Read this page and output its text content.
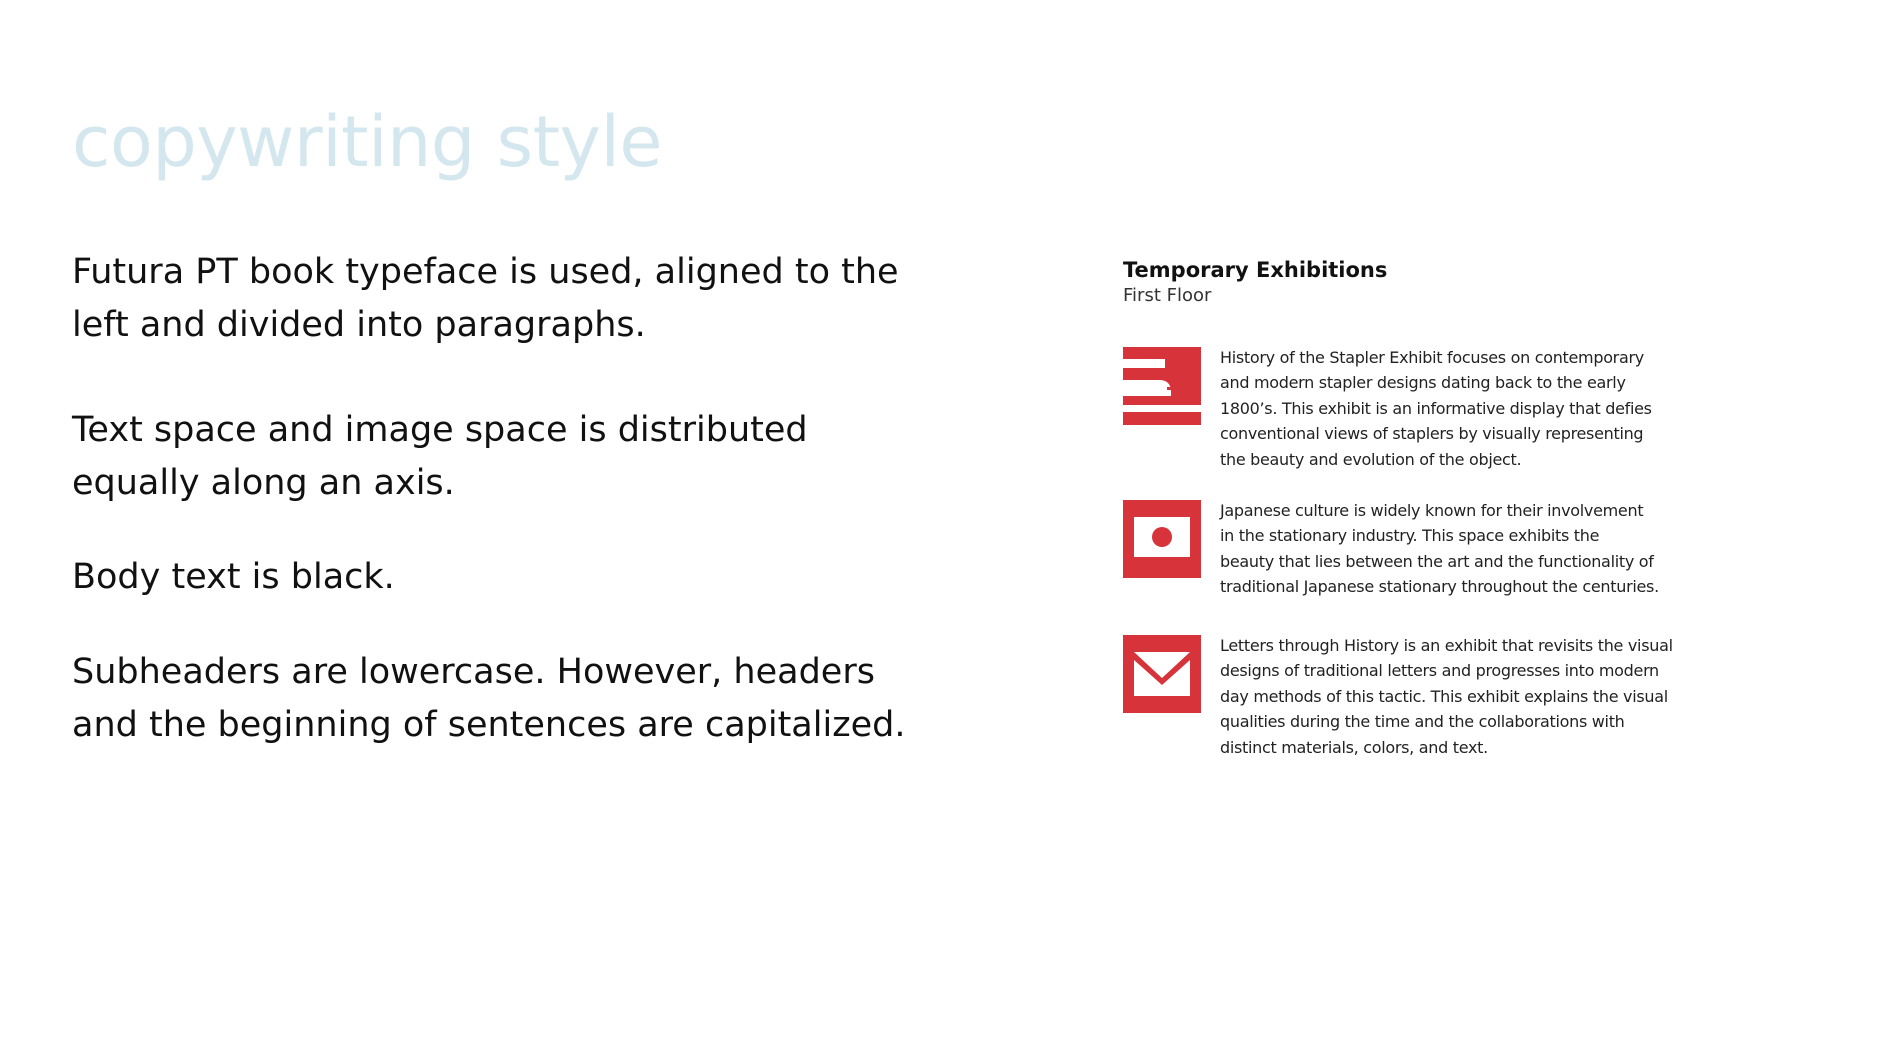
copywriting style

Futura PT book typeface is used, aligned to the
left and divided into paragraphs.

Text space and image space is distributed
equally along an axis.

Body text is black.

Subheaders are lowercase. However, headers
and the beginning of sentences are capitalized.

Temporary Exhibitions
First Floor

History of the Stapler Exhibit focuses on contemporary
and modern stapler designs dating back to the early
1800’s. This exhibit is an informative display that defies
conventional views of staplers by visually representing
the beauty and evolution of the object.

Japanese culture is widely known for their involvement
in the stationary industry. This space exhibits the
beauty that lies between the art and the functionality of
traditional Japanese stationary throughout the centuries.

Letters through History is an exhibit that revisits the visual
designs of traditional letters and progresses into modern
day methods of this tactic. This exhibit explains the visual
qualities during the time and the collaborations with
distinct materials, colors, and text.
